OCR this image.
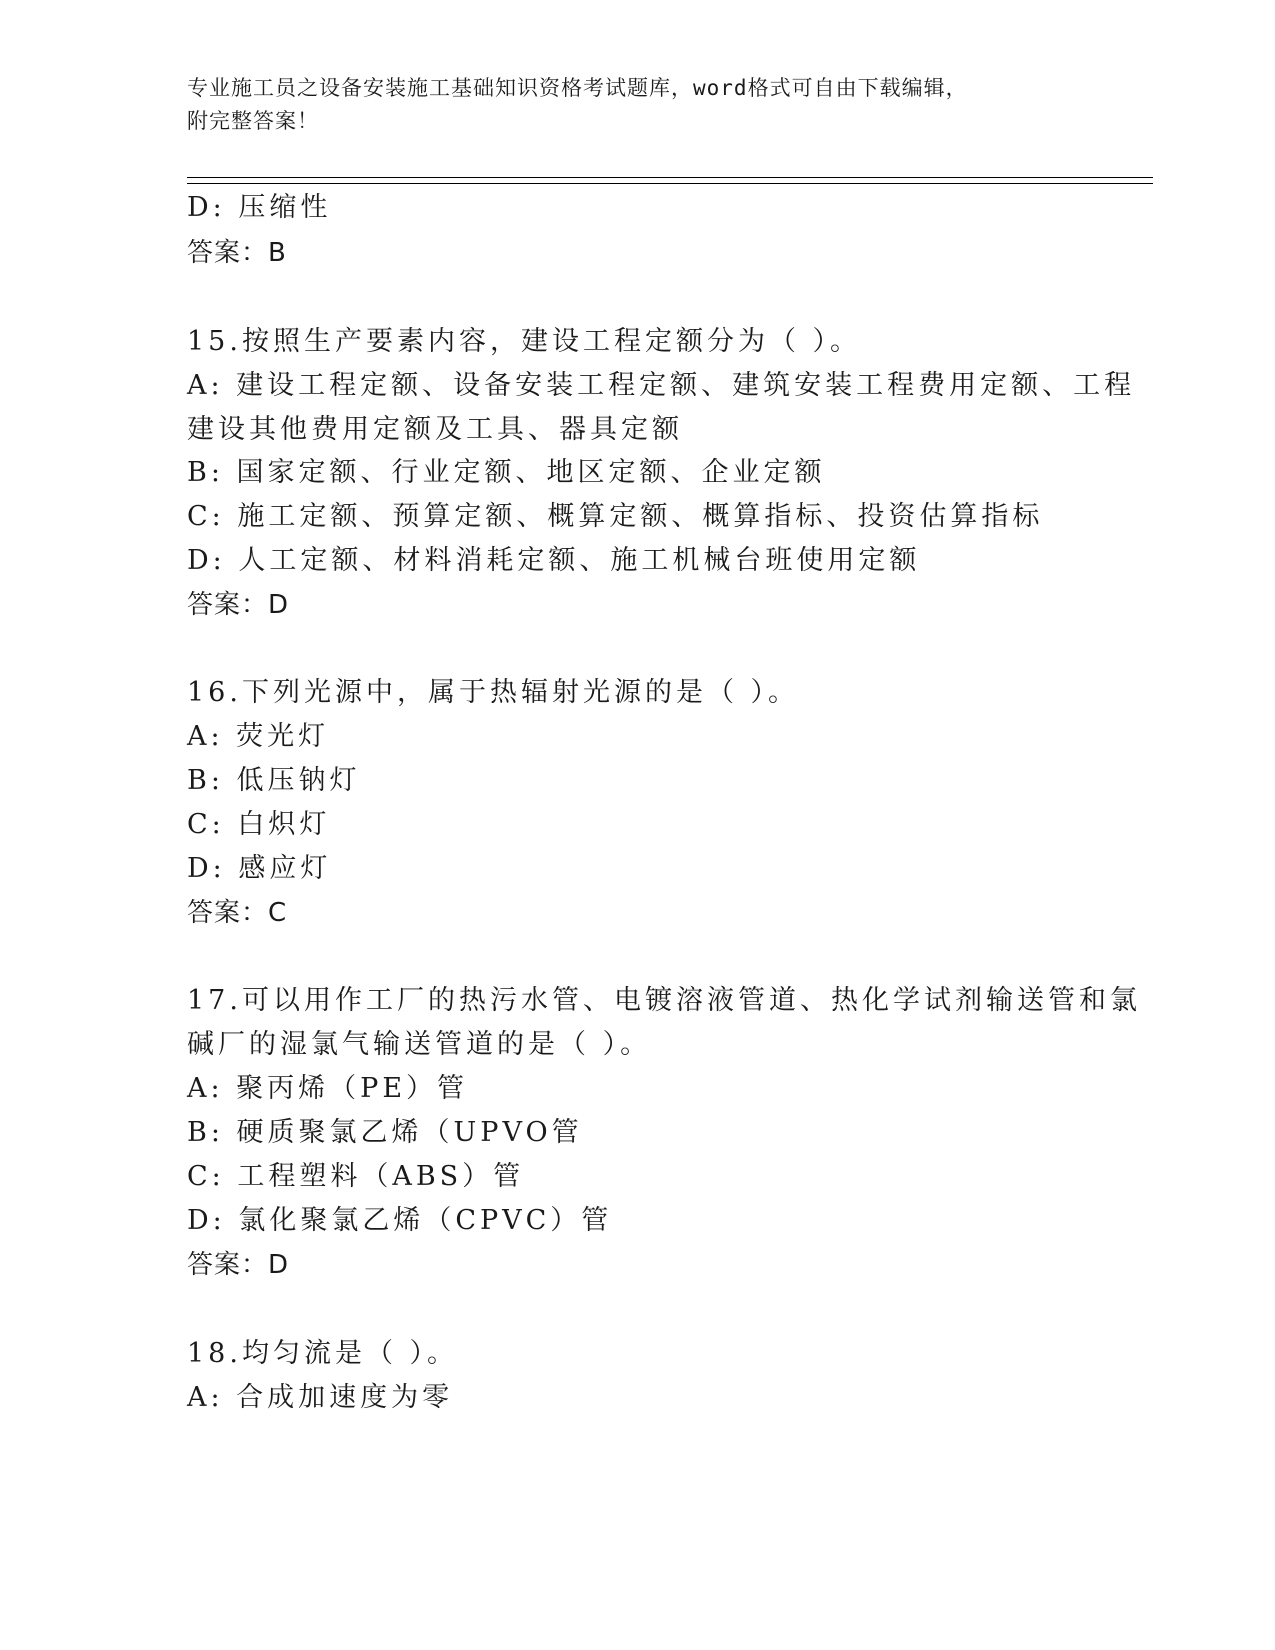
专业施工员之设备安装施工基础知识资格考试题库，word格式可自由下载编辑，
附完整答案！
D: 压缩性
答案：B
15.按照生产要素内容，建设工程定额分为（ ）。
A: 建设工程定额、设备安装工程定额、建筑安装工程费用定额、工程
建设其他费用定额及工具、器具定额
B: 国家定额、行业定额、地区定额、企业定额
C: 施工定额、预算定额、概算定额、概算指标、投资估算指标
D: 人工定额、材料消耗定额、施工机械台班使用定额
答案：D
16.下列光源中，属于热辐射光源的是（ ）。
A: 荧光灯
B: 低压钠灯
C: 白炽灯
D: 感应灯
答案：C
17.可以用作工厂的热污水管、电镀溶液管道、热化学试剂输送管和氯
碱厂的湿氯气输送管道的是（ ）。
A: 聚丙烯（PE）管
B: 硬质聚氯乙烯（UPVO管
C: 工程塑料（ABS）管
D: 氯化聚氯乙烯（CPVC）管
答案：D
18.均匀流是（ ）。
A: 合成加速度为零
